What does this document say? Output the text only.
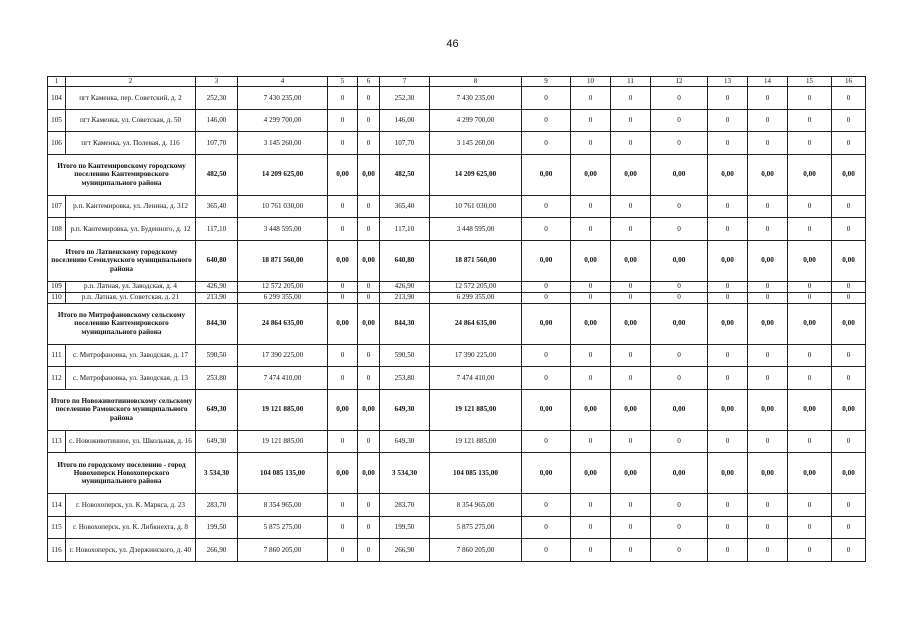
46
1	2	3	4	5	6	7	8	9	10	11	12	13	14	15	16
104	пгт Каменка, пер. Советский, д. 2	252,30	7 430 235,00	0	0	252,30	7 430 235,00	0	0	0	0	0	0	0	0
105	пгт Каменка, ул. Советская, д. 50	146,00	4 299 700,00	0	0	146,00	4 299 700,00	0	0	0	0	0	0	0	0
106	пгт Каменка, ул. Полевая, д. 116	107,70	3 145 260,00	0	0	107,70	3 145 260,00	0	0	0	0	0	0	0	0
Итого по Кантемировскому городскому поселению Кантемировского муниципального района		482,50	14 209 625,00	0,00	0,00	482,50	14 209 625,00	0,00	0,00	0,00	0,00	0,00	0,00	0,00	0,00
107	р.п. Кантемировка, ул. Ленина, д. 312	365,40	10 761 030,00	0	0	365,40	10 761 030,00	0	0	0	0	0	0	0	0
108	р.п. Кантемировка, ул. Буденного, д. 12	117,10	3 448 595,00	0	0	117,10	3 448 595,00	0	0	0	0	0	0	0	0
Итого по Латненскому городскому поселению Семилукского муниципального района		640,80	18 871 560,00	0,00	0,00	640,80	18 871 560,00	0,00	0,00	0,00	0,00	0,00	0,00	0,00	0,00
109	р.п. Латная, ул. Заводская, д. 4	426,90	12 572 205,00	0	0	426,90	12 572 205,00	0	0	0	0	0	0	0	0
110	р.п. Латная, ул. Советская, д. 21	213,90	6 299 355,00	0	0	213,90	6 299 355,00	0	0	0	0	0	0	0	0
Итого по Митрофановскому сельскому поселению Кантемировского муниципального района		844,30	24 864 635,00	0,00	0,00	844,30	24 864 635,00	0,00	0,00	0,00	0,00	0,00	0,00	0,00	0,00
111	с. Митрофановка, ул. Заводская, д. 17	590,50	17 390 225,00	0	0	590,50	17 390 225,00	0	0	0	0	0	0	0	0
112	с. Митрофановка, ул. Заводская, д. 13	253,80	7 474 410,00	0	0	253,80	7 474 410,00	0	0	0	0	0	0	0	0
Итого по Новоживотинновскому сельскому поселению Рамонского муниципального района		649,30	19 121 885,00	0,00	0,00	649,30	19 121 885,00	0,00	0,00	0,00	0,00	0,00	0,00	0,00	0,00
113	с. Новоживотинное, ул. Школьная, д. 16	649,30	19 121 885,00	0	0	649,30	19 121 885,00	0	0	0	0	0	0	0	0
Итого по городскому поселению - город Новохоперск Новохоперского муниципального района		3 534,30	104 085 135,00	0,00	0,00	3 534,30	104 085 135,00	0,00	0,00	0,00	0,00	0,00	0,00	0,00	0,00
114	г. Новохоперск, ул. К. Маркса, д. 23	283,70	8 354 965,00	0	0	283,70	8 354 965,00	0	0	0	0	0	0	0	0
115	г. Новохоперск, ул. К. Либкнехта, д. 8	199,50	5 875 275,00	0	0	199,50	5 875 275,00	0	0	0	0	0	0	0	0
116	г. Новохоперск, ул. Дзержинского, д. 40	266,90	7 860 205,00	0	0	266,90	7 860 205,00	0	0	0	0	0	0	0	0
